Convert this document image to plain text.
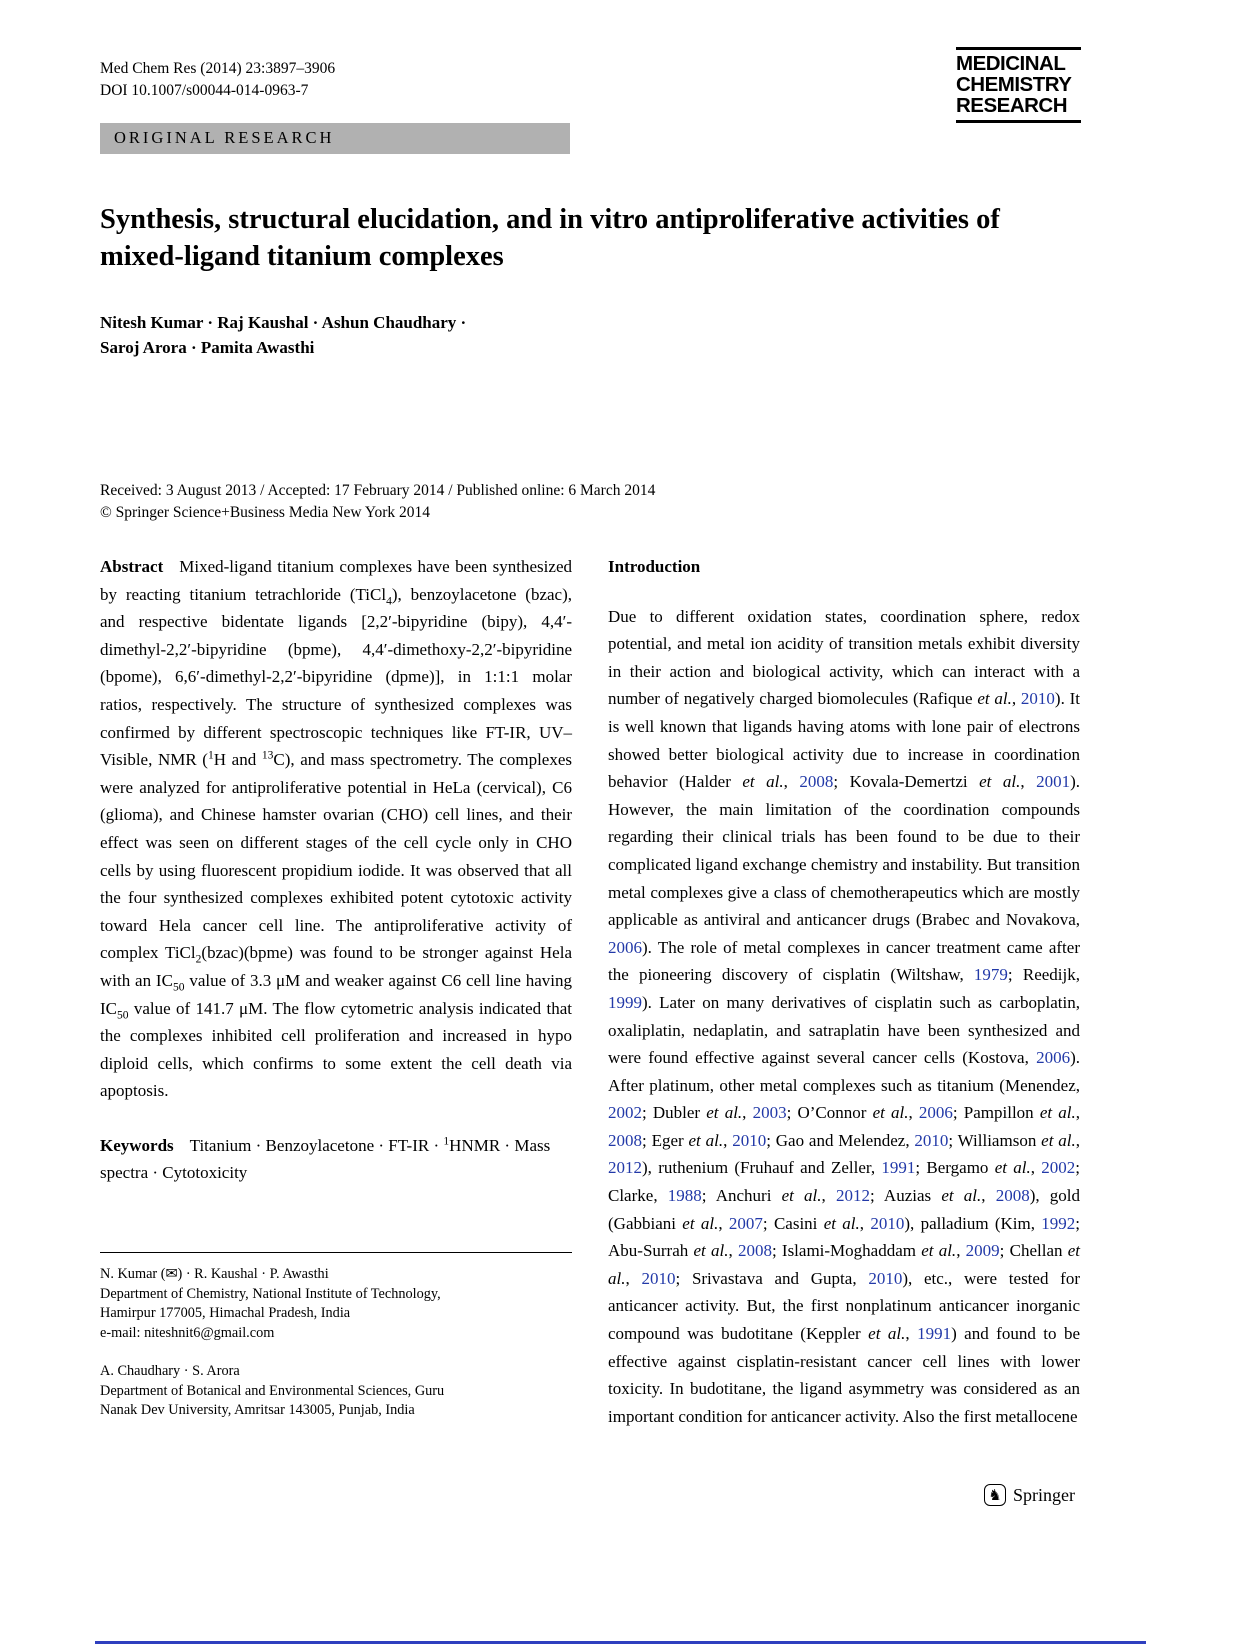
Med Chem Res (2014) 23:3897–3906
DOI 10.1007/s00044-014-0963-7
MEDICINAL
CHEMISTRY
RESEARCH
ORIGINAL RESEARCH
Synthesis, structural elucidation, and in vitro antiproliferative activities of mixed-ligand titanium complexes
Nitesh Kumar · Raj Kaushal · Ashun Chaudhary ·
Saroj Arora · Pamita Awasthi
Received: 3 August 2013 / Accepted: 17 February 2014 / Published online: 6 March 2014
© Springer Science+Business Media New York 2014

Abstract Mixed-ligand titanium complexes have been synthesized by reacting titanium tetrachloride (TiCl$_4$), benzoylacetone (bzac), and respective bidentate ligands [2,2′-bipyridine (bipy), 4,4′-dimethyl-2,2′-bipyridine (bpme), 4,4′-dimethoxy-2,2′-bipyridine (bpome), 6,6′-dimethyl-2,2′-bipyridine (dpme)], in 1:1:1 molar ratios, respectively. The structure of synthesized complexes was confirmed by different spectroscopic techniques like FT-IR, UV–Visible, NMR ($^1$H and $^{13}$C), and mass spectrometry. The complexes were analyzed for antiproliferative potential in HeLa (cervical), C6 (glioma), and Chinese hamster ovarian (CHO) cell lines, and their effect was seen on different stages of the cell cycle only in CHO cells by using fluorescent propidium iodide. It was observed that all the four synthesized complexes exhibited potent cytotoxic activity toward Hela cancer cell line. The antiproliferative activity of complex TiCl$_2$(bzac)(bpme) was found to be stronger against Hela with an $IC_{50}$ value of 3.3 μM and weaker against C6 cell line having $IC_{50}$ value of 141.7 μM. The flow cytometric analysis indicated that the complexes inhibited cell proliferation and increased in hypo diploid cells, which confirms to some extent the cell death via apoptosis.

Keywords Titanium · Benzoylacetone · FT-IR · $^1$HNMR · Mass spectra · Cytotoxicity

Introduction

Due to different oxidation states, coordination sphere, redox potential, and metal ion acidity of transition metals exhibit diversity in their action and biological activity, which can interact with a number of negatively charged biomolecules (Rafique et al., 2010). It is well known that ligands having atoms with lone pair of electrons showed better biological activity due to increase in coordination behavior (Halder et al., 2008; Kovala-Demertzi et al., 2001). However, the main limitation of the coordination compounds regarding their clinical trials has been found to be due to their complicated ligand exchange chemistry and instability. But transition metal complexes give a class of chemotherapeutics which are mostly applicable as antiviral and anticancer drugs (Brabec and Novakova, 2006). The role of metal complexes in cancer treatment came after the pioneering discovery of cisplatin (Wiltshaw, 1979; Reedijk, 1999). Later on many derivatives of cisplatin such as carboplatin, oxaliplatin, nedaplatin, and satraplatin have been synthesized and were found effective against several cancer cells (Kostova, 2006). After platinum, other metal complexes such as titanium (Menendez, 2002; Dubler et al., 2003; O’Connor et al., 2006; Pampillon et al., 2008; Eger et al., 2010; Gao and Melendez, 2010; Williamson et al., 2012), ruthenium (Fruhauf and Zeller, 1991; Bergamo et al., 2002; Clarke, 1988; Anchuri et al., 2012; Auzias et al., 2008), gold (Gabbiani et al., 2007; Casini et al., 2010), palladium (Kim, 1992; Abu-Surrah et al., 2008; Islami-Moghaddam et al., 2009; Chellan et al., 2010; Srivastava and Gupta, 2010), etc., were tested for anticancer activity. But, the first nonplatinum anticancer inorganic compound was budotitane (Keppler et al., 1991) and found to be effective against cisplatin-resistant cancer cell lines with lower toxicity. In budotitane, the ligand asymmetry was considered as an important condition for anticancer activity. Also the first metallocene

N. Kumar (✉) · R. Kaushal · P. Awasthi
Department of Chemistry, National Institute of Technology,
Hamirpur 177005, Himachal Pradesh, India
e-mail: niteshnit6@gmail.com
A. Chaudhary · S. Arora
Department of Botanical and Environmental Sciences, Guru
Nanak Dev University, Amritsar 143005, Punjab, India
♞ Springer
